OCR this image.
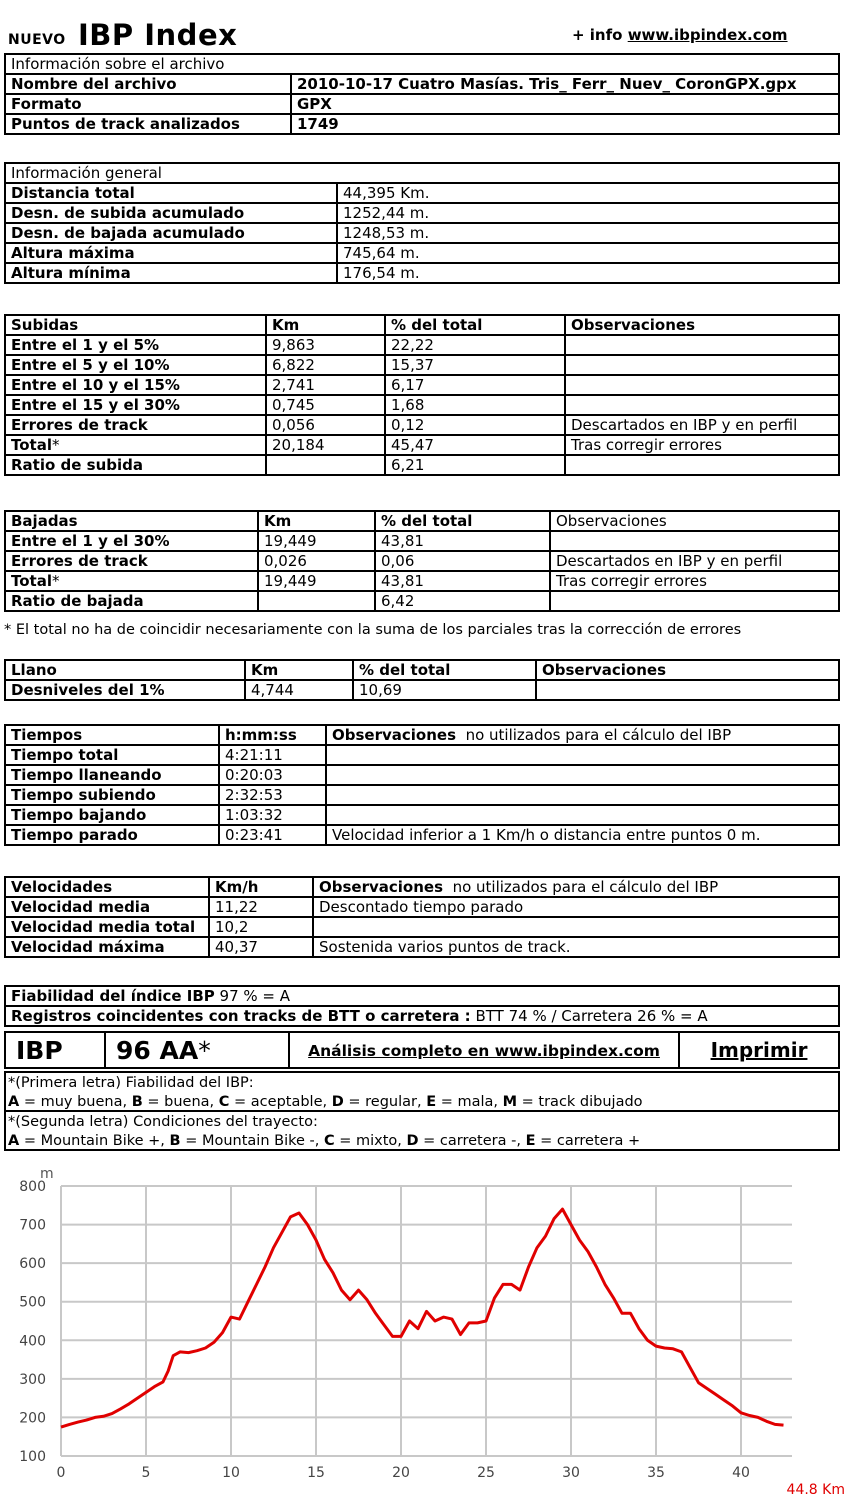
NUEVO IBP Index	+ info www.ibpindex.com
Información sobre el archivo	
Nombre del archivo	2010-10-17 Cuatro Masías. Tris_ Ferr_ Nuev_ CoronGPX.gpx
Formato	GPX
Puntos de track analizados	1749
Información general	
Distancia total	44,395 Km.
Desn. de subida acumulado	1252,44 m.
Desn. de bajada acumulado	1248,53 m.
Altura máxima	745,64 m.
Altura mínima	176,54 m.
Subidas	Km	% del total	Observaciones
Entre el 1 y el 5%	9,863	22,22	
Entre el 5 y el 10%	6,822	15,37	
Entre el 10 y el 15%	2,741	6,17	
Entre el 15 y el 30%	0,745	1,68	
Errores de track	0,056	0,12	Descartados en IBP y en perfil
Total*	20,184	45,47	Tras corregir errores
Ratio de subida		6,21	
Bajadas	Km	% del total	Observaciones
Entre el 1 y el 30%	19,449	43,81	
Errores de track	0,026	0,06	Descartados en IBP y en perfil
Total*	19,449	43,81	Tras corregir errores
Ratio de bajada		6,42	
* El total no ha de coincidir necesariamente con la suma de los parciales tras la corrección de errores
Llano	Km	% del total	Observaciones
Desniveles del 1%	4,744	10,69	
Tiempos	h:mm:ss	Observaciones no utilizados para el cálculo del IBP
Tiempo total	4:21:11	
Tiempo llaneando	0:20:03	
Tiempo subiendo	2:32:53	
Tiempo bajando	1:03:32	
Tiempo parado	0:23:41	Velocidad inferior a 1 Km/h o distancia entre puntos 0 m.
Velocidades	Km/h	Observaciones no utilizados para el cálculo del IBP
Velocidad media	11,22	Descontado tiempo parado
Velocidad media total	10,2	
Velocidad máxima	40,37	Sostenida varios puntos de track.
Fiabilidad del índice IBP 97 % = A
Registros coincidentes con tracks de BTT o carretera : BTT 74 % / Carretera 26 % = A
IBP	96 AA*	Análisis completo en www.ibpindex.com	Imprimir
*(Primera letra) Fiabilidad del IBP:
A = muy buena, B = buena, C = aceptable, D = regular, E = mala, M = track dibujado
*(Segunda letra) Condiciones del trayecto:
A = Mountain Bike +, B = Mountain Bike -, C = mixto, D = carretera -, E = carretera +
100
200
300
400
500
600
700
800
0	5	10	15	20	25	30	35	40
m
44.8 Km
